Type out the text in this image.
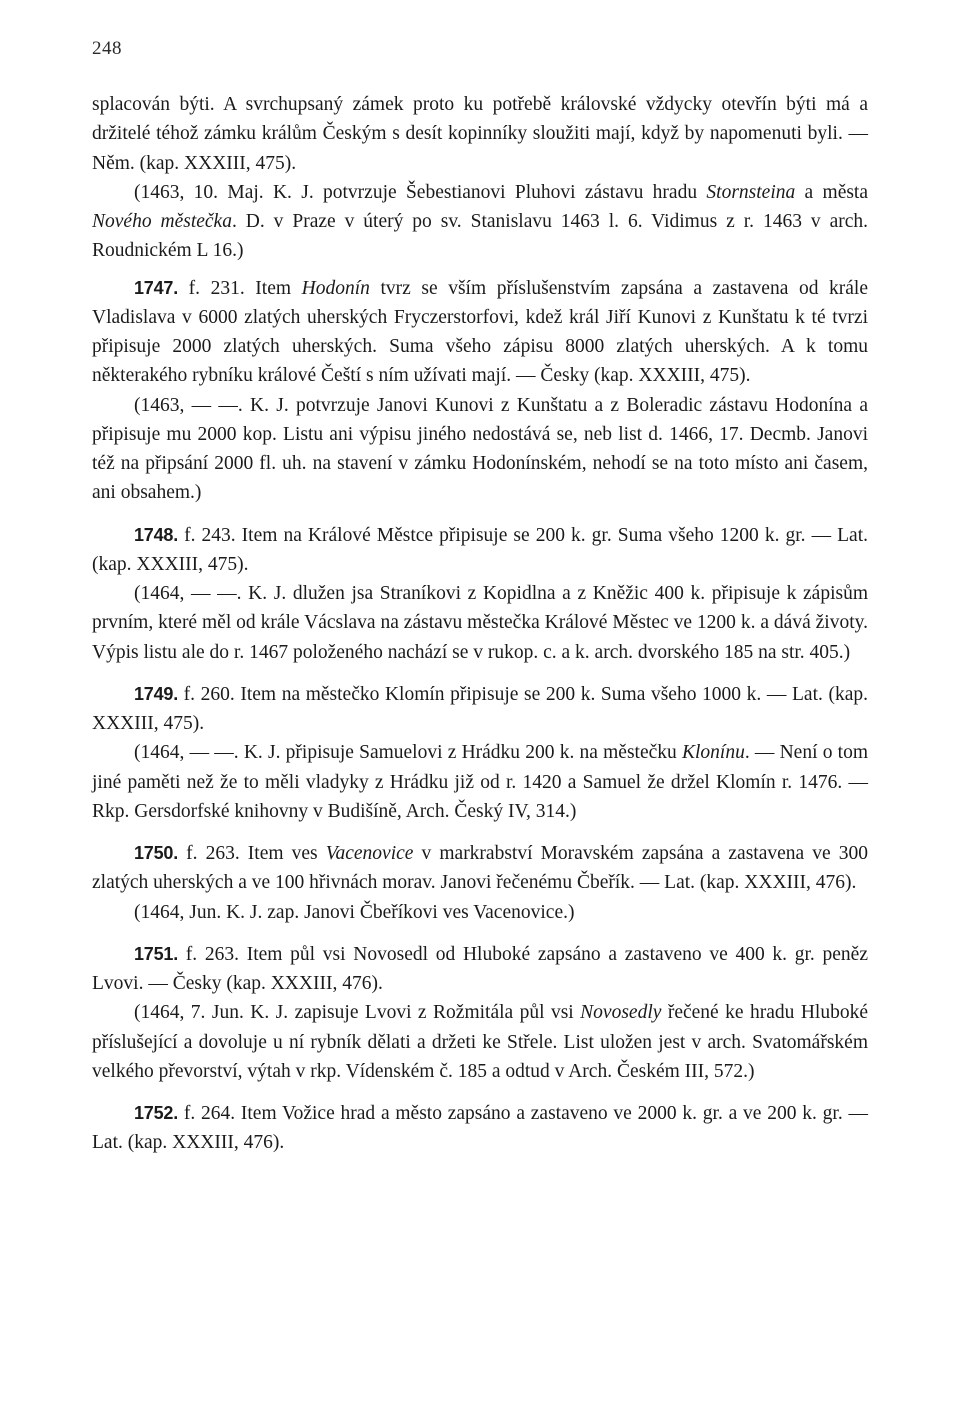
248

splacován býti. A svrchupsaný zámek proto ku potřebě královské vždycky otevřín býti má a držitelé téhož zámku králům Českým s desít kopinníky sloužiti mají, když by napomenuti byli. — Něm. (kap. XXXIII, 475).

(1463, 10. Maj. K. J. potvrzuje Šebestianovi Pluhovi zástavu hradu Stornsteina a města Nového městečka. D. v Praze v úterý po sv. Stanislavu 1463 l. 6. Vidimus z r. 1463 v arch. Roudnickém L 16.)

1747. f. 231. Item Hodonín tvrz se vším příslušenstvím zapsána a zastavena od krále Vladislava v 6000 zlatých uherských Fryczerstorfovi, kdež král Jiří Kunovi z Kunštatu k té tvrzi připisuje 2000 zlatých uherských. Suma všeho zápisu 8000 zlatých uherských. A k tomu některakého rybníku králové Čeští s ním užívati mají. — Česky (kap. XXXIII, 475).

(1463, — —. K. J. potvrzuje Janovi Kunovi z Kunštatu a z Boleradic zástavu Hodonína a připisuje mu 2000 kop. Listu ani výpisu jiného nedostává se, neb list d. 1466, 17. Decmb. Janovi též na připsání 2000 fl. uh. na stavení v zámku Hodonínském, nehodí se na toto místo ani časem, ani obsahem.)

1748. f. 243. Item na Králové Městce připisuje se 200 k. gr. Suma všeho 1200 k. gr. — Lat. (kap. XXXIII, 475).

(1464, — —. K. J. dlužen jsa Straníkovi z Kopidlna a z Kněžic 400 k. připisuje k zápisům prvním, které měl od krále Vácslava na zástavu městečka Králové Městec ve 1200 k. a dává životy. Výpis listu ale do r. 1467 položeného nachází se v rukop. c. a k. arch. dvorského 185 na str. 405.)

1749. f. 260. Item na městečko Klomín připisuje se 200 k. Suma všeho 1000 k. — Lat. (kap. XXXIII, 475).

(1464, — —. K. J. připisuje Samuelovi z Hrádku 200 k. na městečku Klonínu. — Není o tom jiné paměti než že to měli vladyky z Hrádku již od r. 1420 a Samuel že držel Klomín r. 1476. — Rkp. Gersdorfské knihovny v Budišíně, Arch. Český IV, 314.)

1750. f. 263. Item ves Vacenovice v markrabství Moravském zapsána a zastavena ve 300 zlatých uherských a ve 100 hřivnách morav. Janovi řečenému Čbeřík. — Lat. (kap. XXXIII, 476).

(1464, Jun. K. J. zap. Janovi Čbeříkovi ves Vacenovice.)

1751. f. 263. Item půl vsi Novosedl od Hluboké zapsáno a zastaveno ve 400 k. gr. peněz Lvovi. — Česky (kap. XXXIII, 476).

(1464, 7. Jun. K. J. zapisuje Lvovi z Rožmitála půl vsi Novosedly řečené ke hradu Hluboké příslušející a dovoluje u ní rybník dělati a držeti ke Střele. List uložen jest v arch. Svatomářském velkého převorství, výtah v rkp. Vídenském č. 185 a odtud v Arch. Českém III, 572.)

1752. f. 264. Item Vožice hrad a město zapsáno a zastaveno ve 2000 k. gr. a ve 200 k. gr. — Lat. (kap. XXXIII, 476).
